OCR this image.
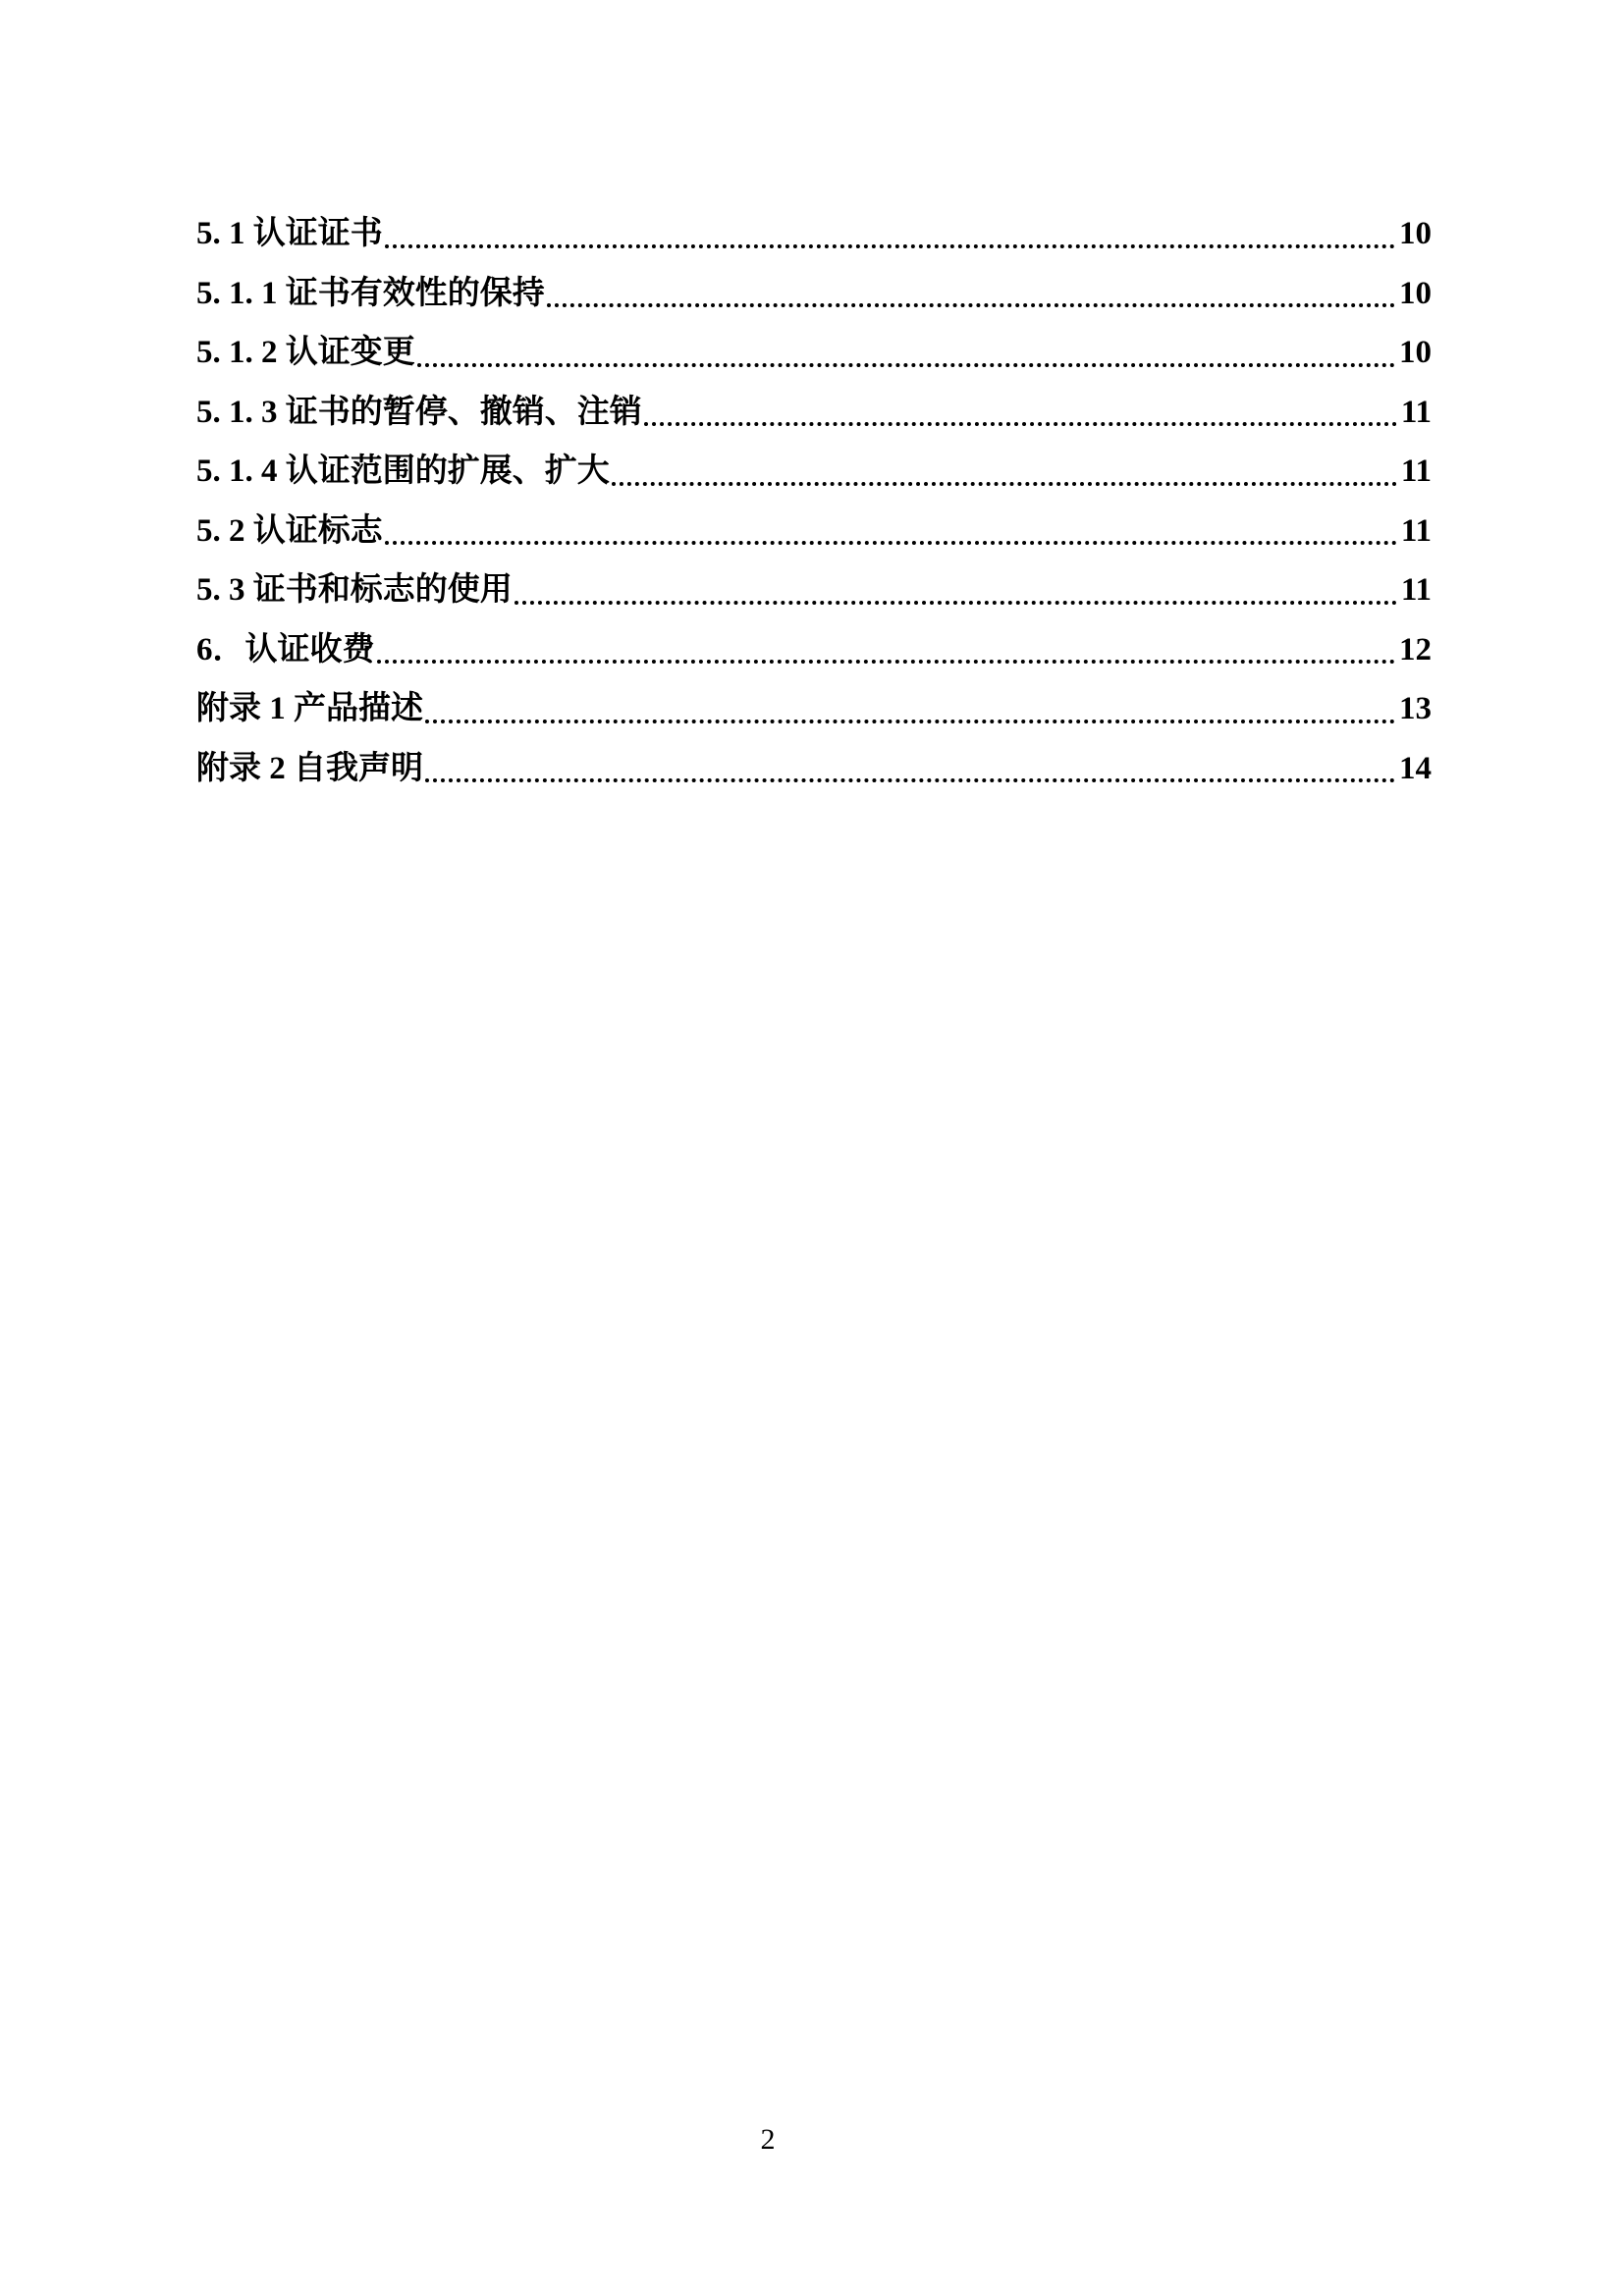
5. 1 认证证书	10
5. 1. 1 证书有效性的保持	10
5. 1. 2 认证变更	10
5. 1. 3 证书的暂停、撤销、注销	11
5. 1. 4 认证范围的扩展、扩大	11
5. 2 认证标志	11
5. 3 证书和标志的使用	11
6．认证收费	12
附录 1 产品描述	13
附录 2 自我声明	14
2
